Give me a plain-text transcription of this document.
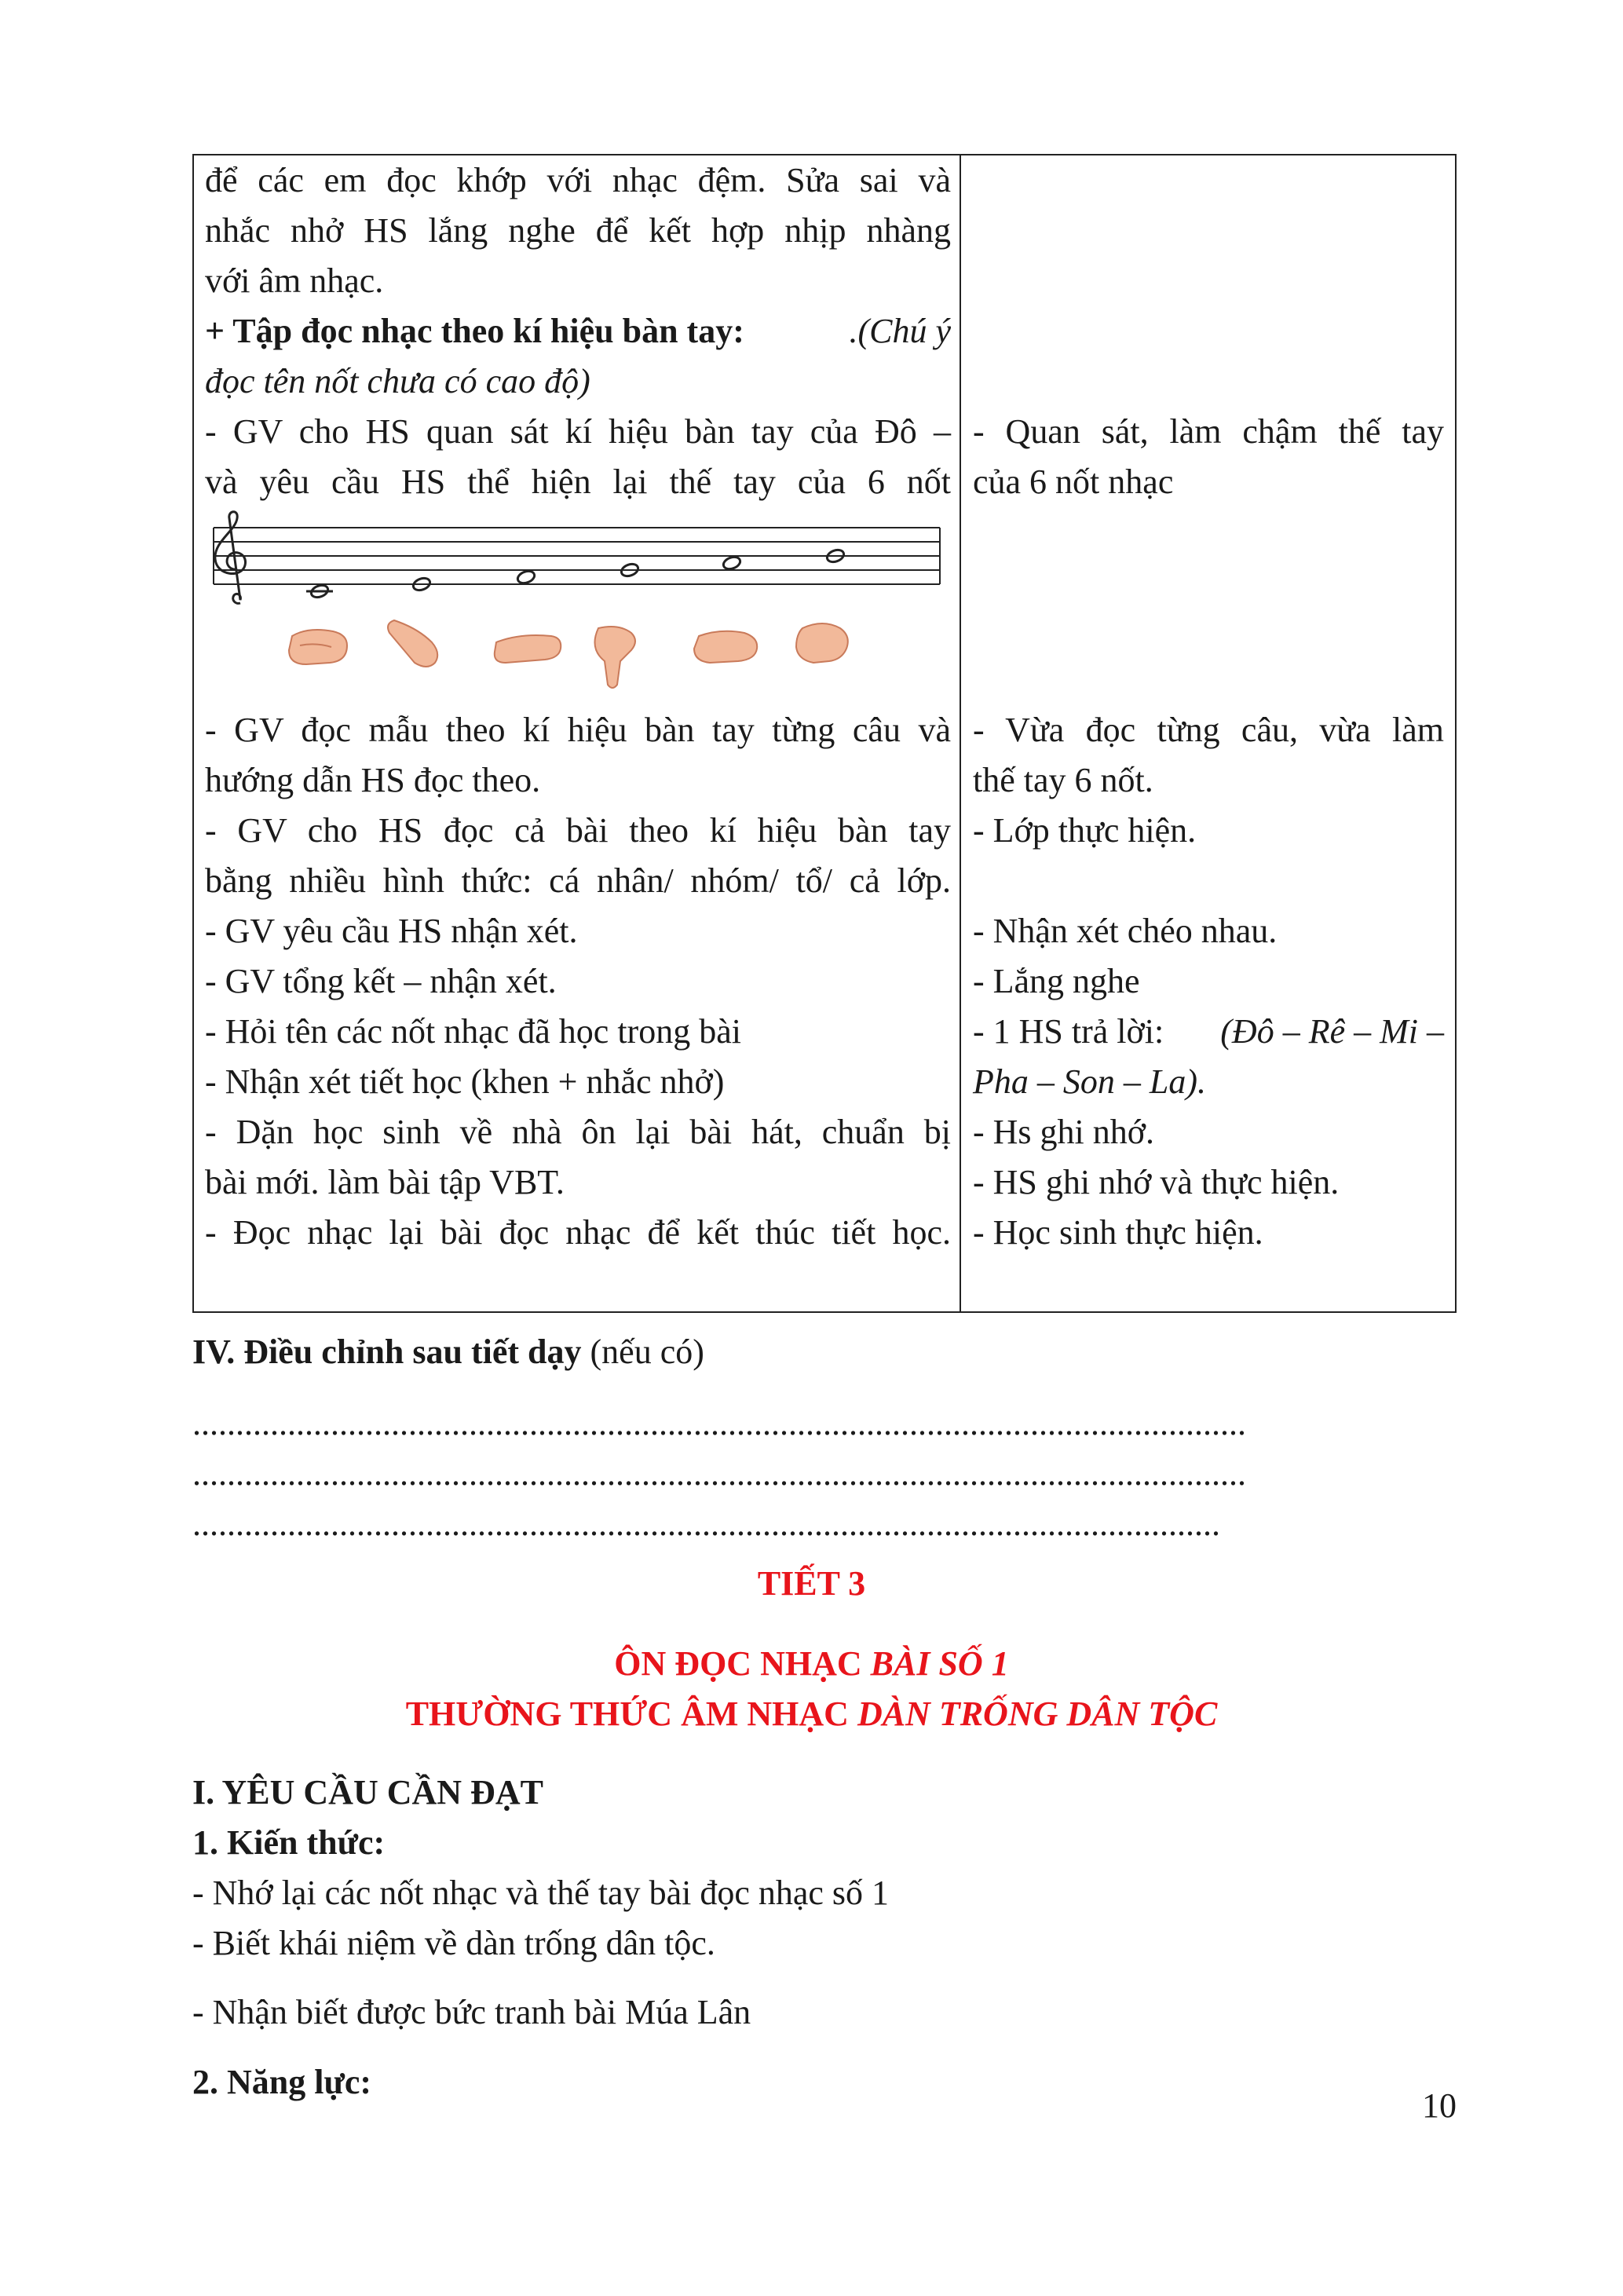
để các em đọc khớp với nhạc đệm. Sửa sai và
nhắc nhở HS lắng nghe để kết hợp nhịp nhàng
với âm nhạc.
+ Tập đọc nhạc theo kí hiệu bàn tay:	.(Chú ý
đọc tên nốt chưa có cao độ)
- GV cho HS quan sát kí hiệu bàn tay của Đô –
và yêu cầu HS thể hiện lại thế tay của 6 nốt
- GV đọc mẫu theo kí hiệu bàn tay từng câu và
hướng dẫn HS đọc theo.
- GV cho HS đọc cả bài theo kí hiệu bàn tay
bằng nhiều hình thức: cá nhân/ nhóm/ tổ/ cả lớp.
- GV yêu cầu HS nhận xét.
- GV tổng kết – nhận xét.
- Hỏi tên các nốt nhạc đã học trong bài
- Nhận xét tiết học (khen + nhắc nhở)
- Dặn học sinh về nhà ôn lại bài hát, chuẩn bị
bài mới. làm bài tập VBT.
- Đọc nhạc lại bài đọc nhạc để kết thúc tiết học.
- Quan sát, làm chậm thế tay
của 6 nốt nhạc
- Vừa đọc từng câu, vừa làm
thế tay 6 nốt.
- Lớp thực hiện.
- Nhận xét chéo nhau.
- Lắng nghe
- 1 HS trả lời: (Đô – Rê – Mi –
Pha – Son – La).
- Hs ghi nhớ.
- HS ghi nhớ và thực hiện.
- Học sinh thực hiện.
IV. Điều chỉnh sau tiết dạy (nếu có)
..........................................................................................................................
..........................................................................................................................
.......................................................................................................................
TIẾT 3
ÔN ĐỌC NHẠC BÀI SỐ 1
THƯỜNG THỨC ÂM NHẠC DÀN TRỐNG DÂN TỘC
I. YÊU CẦU CẦN ĐẠT
1. Kiến thức:
- Nhớ lại các nốt nhạc và thế tay bài đọc nhạc số 1
- Biết khái niệm về dàn trống dân tộc.
- Nhận biết được bức tranh bài Múa Lân
2. Năng lực:
10
